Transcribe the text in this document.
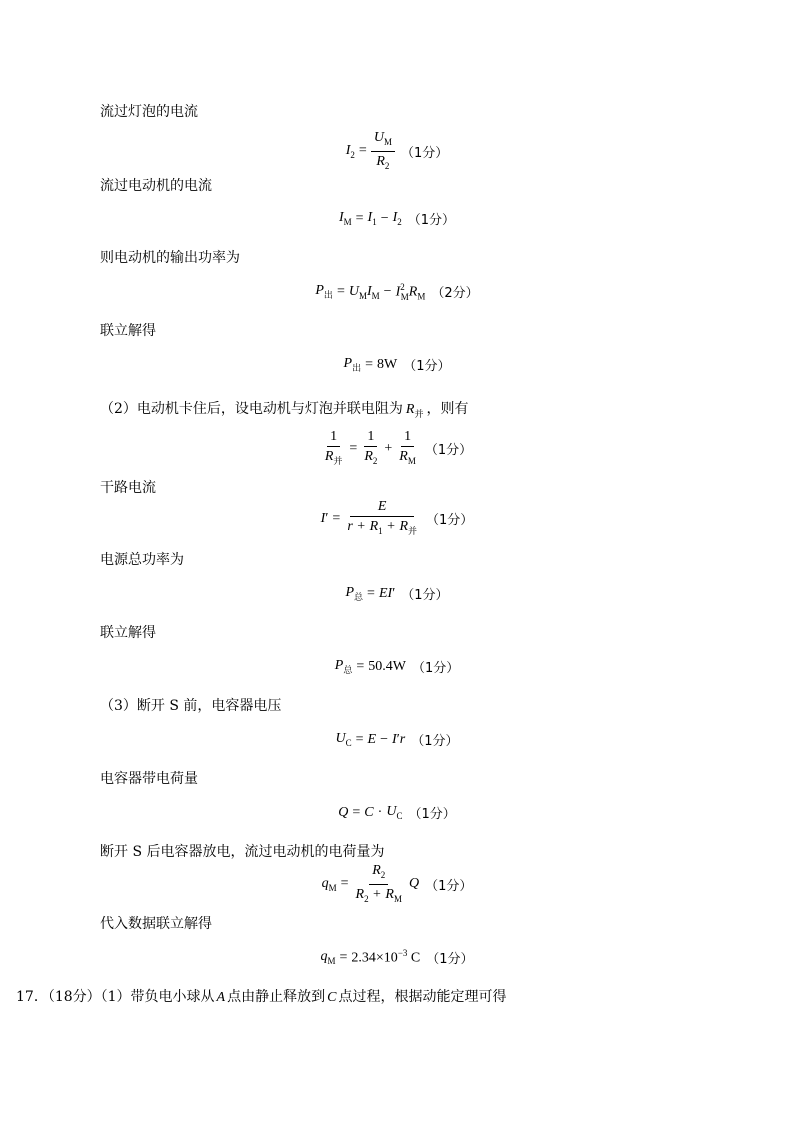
流过灯泡的电流
$I_2 = \frac{U_M}{R_2} (1$分）
流过电动机的电流
$I_M = I_1 - I_2$ （1分）
则电动机的输出功率为
$P_出 = U_MI_M - I^2_MR_M$ （2分）
联立解得
$P_出 = 8W$ （1分）
（2）电动机卡住后，设电动机与灯泡并联电阻为 $R_并$ ，则有
$\frac{1}{R_并} = \frac{1}{R_2} + \frac{1}{R_M} (1$分）
干路电流
$I' = \frac{E}{r + R_1 + R_并} (1$分）
电源总功率为
$P_总 = EI'$ （1分）
联立解得
$P_总 = 50.4W$ （1分）
（3）断开 S 前，电容器电压
$U_C = E - I'r$ （1分）
电容器带电荷量
$Q = C \cdot U_C$ （1分）
断开 S 后电容器放电，流过电动机的电荷量为
$q_M = \frac{R_2}{R_2 + R_M}$ Q （1分）
代入数据联立解得
$q_M = 2.34\times 10^{-3}$ C （1分）
17．（18分）（1）带负电小球从 A 点由静止释放到 C 点过程，根据动能定理可得
